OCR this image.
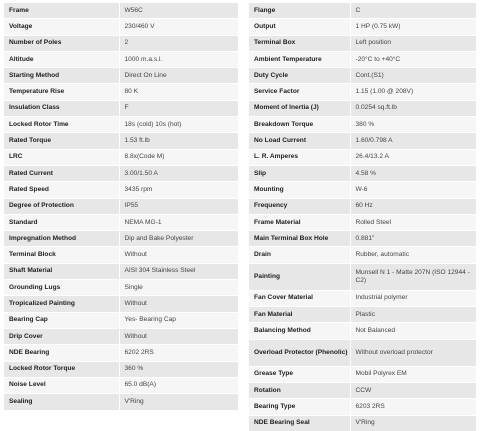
Frame	W56C
Voltage	230/460 V
Number of Poles	2
Altitude	1000 m.a.s.l.
Starting Method	Direct On Line
Temperature Rise	80 K
Insulation Class	F
Locked Rotor Time	18s (cold) 10s (hot)
Rated Torque	1.53 ft.lb
LRC	8.8x(Code M)
Rated Current	3.00/1.50 A
Rated Speed	3435 rpm
Degree of Protection	IP55
Standard	NEMA MG-1
Impregnation Method	Dip and Bake Polyester
Terminal Block	Without
Shaft Material	AISI 304 Stainless Steel
Grounding Lugs	Single
Tropicalized Painting	Without
Bearing Cap	Yes- Bearing Cap
Drip Cover	Without
NDE Bearing	6202 2RS
Locked Rotor Torque	360 %
Noise Level	65.0 dB(A)
Sealing	V'Ring
Flange	C
Output	1 HP (0.75 kW)
Terminal Box	Left position
Ambient Temperature	-20°C to +40°C
Duty Cycle	Cont.(S1)
Service Factor	1.15 (1.00 @ 208V)
Moment of Inertia (J)	0.0254 sq.ft.lb
Breakdown Torque	380 %
No Load Current	1.60/0.798 A
L. R. Amperes	26.4/13.2 A
Slip	4.58 %
Mounting	W-6
Frequency	60 Hz
Frame Material	Rolled Steel
Main Terminal Box Hole	0.881"
Drain	Rubber, automatic
Painting	Munsell N 1 - Matte 207N (ISO 12944 - C2)
Fan Cover Material	Industrial polymer
Fan Material	Plastic
Balancing Method	Not Balanced
Overload Protector (Phenolic)	Without overload protector
Grease Type	Mobil Polyrex EM
Rotation	CCW
Bearing Type	6203 2RS
NDE Bearing Seal	V'Ring
